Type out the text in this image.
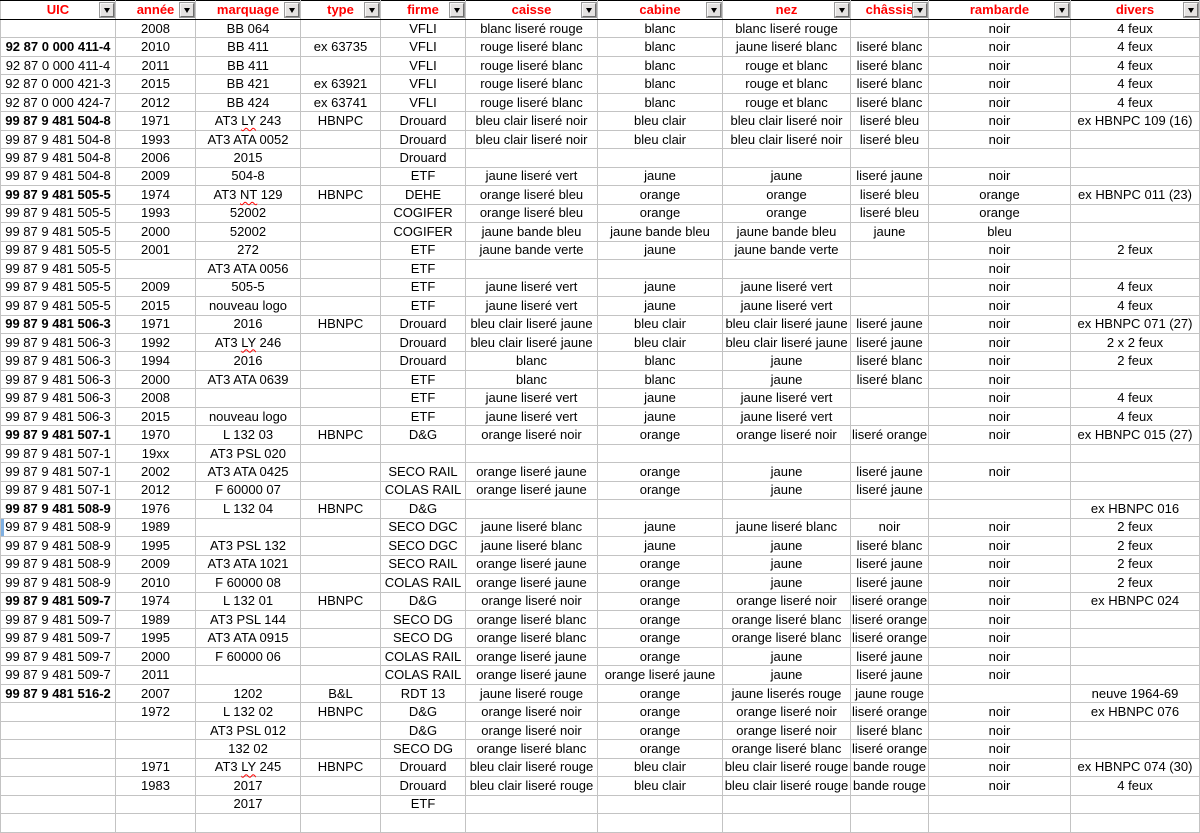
UIC	année	marquage	type	firme	caisse	cabine	nez	châssis	rambarde	divers

	2008	BB 064		VFLI	blanc liseré rouge	blanc	blanc liseré rouge		noir	4 feux
92 87 0 000 411-4	2010	BB 411	ex 63735	VFLI	rouge liseré blanc	blanc	jaune liseré blanc	liseré blanc	noir	4 feux
92 87 0 000 411-4	2011	BB 411		VFLI	rouge liseré blanc	blanc	rouge et blanc	liseré blanc	noir	4 feux
92 87 0 000 421-3	2015	BB 421	ex 63921	VFLI	rouge liseré blanc	blanc	rouge et blanc	liseré blanc	noir	4 feux
92 87 0 000 424-7	2012	BB 424	ex 63741	VFLI	rouge liseré blanc	blanc	rouge et blanc	liseré blanc	noir	4 feux
99 87 9 481 504-8	1971	AT3 LY 243	HBNPC	Drouard	bleu clair liseré noir	bleu clair	bleu clair liseré noir	liseré bleu	noir	ex HBNPC 109 (16)
99 87 9 481 504-8	1993	AT3 ATA 0052		Drouard	bleu clair liseré noir	bleu clair	bleu clair liseré noir	liseré bleu	noir	
99 87 9 481 504-8	2006	2015		Drouard						
99 87 9 481 504-8	2009	504-8		ETF	jaune liseré vert	jaune	jaune	liseré jaune	noir	
99 87 9 481 505-5	1974	AT3 NT 129	HBNPC	DEHE	orange liseré bleu	orange	orange	liseré bleu	orange	ex HBNPC 011 (23)
99 87 9 481 505-5	1993	52002		COGIFER	orange liseré bleu	orange	orange	liseré bleu	orange	
99 87 9 481 505-5	2000	52002		COGIFER	jaune bande bleu	jaune bande bleu	jaune bande bleu	jaune	bleu	
99 87 9 481 505-5	2001	272		ETF	jaune bande verte	jaune	jaune bande verte		noir	2 feux
99 87 9 481 505-5		AT3 ATA 0056		ETF					noir	
99 87 9 481 505-5	2009	505-5		ETF	jaune liseré vert	jaune	jaune liseré vert		noir	4 feux
99 87 9 481 505-5	2015	nouveau logo		ETF	jaune liseré vert	jaune	jaune liseré vert		noir	4 feux
99 87 9 481 506-3	1971	2016	HBNPC	Drouard	bleu clair liseré jaune	bleu clair	bleu clair liseré jaune	liseré jaune	noir	ex HBNPC 071 (27)
99 87 9 481 506-3	1992	AT3 LY 246		Drouard	bleu clair liseré jaune	bleu clair	bleu clair liseré jaune	liseré jaune	noir	2 x 2 feux
99 87 9 481 506-3	1994	2016		Drouard	blanc	blanc	jaune	liseré blanc	noir	2 feux
99 87 9 481 506-3	2000	AT3 ATA 0639		ETF	blanc	blanc	jaune	liseré blanc	noir	
99 87 9 481 506-3	2008			ETF	jaune liseré vert	jaune	jaune liseré vert		noir	4 feux
99 87 9 481 506-3	2015	nouveau logo		ETF	jaune liseré vert	jaune	jaune liseré vert		noir	4 feux
99 87 9 481 507-1	1970	L 132 03	HBNPC	D&G	orange liseré noir	orange	orange liseré noir	liseré orange	noir	ex HBNPC 015 (27)
99 87 9 481 507-1	19xx	AT3 PSL 020								
99 87 9 481 507-1	2002	AT3 ATA 0425		SECO RAIL	orange liseré jaune	orange	jaune	liseré jaune	noir	
99 87 9 481 507-1	2012	F 60000 07		COLAS RAIL	orange liseré jaune	orange	jaune	liseré jaune		
99 87 9 481 508-9	1976	L 132 04	HBNPC	D&G						ex HBNPC 016
99 87 9 481 508-9	1989			SECO DGC	jaune liseré blanc	jaune	jaune liseré blanc	noir	noir	2 feux
99 87 9 481 508-9	1995	AT3 PSL 132		SECO DGC	jaune liseré blanc	jaune	jaune	liseré blanc	noir	2 feux
99 87 9 481 508-9	2009	AT3 ATA 1021		SECO RAIL	orange liseré jaune	orange	jaune	liseré jaune	noir	2 feux
99 87 9 481 508-9	2010	F 60000 08		COLAS RAIL	orange liseré jaune	orange	jaune	liseré jaune	noir	2 feux
99 87 9 481 509-7	1974	L 132 01	HBNPC	D&G	orange liseré noir	orange	orange liseré noir	liseré orange	noir	ex HBNPC 024
99 87 9 481 509-7	1989	AT3 PSL 144		SECO DG	orange liseré blanc	orange	orange liseré blanc	liseré orange	noir	
99 87 9 481 509-7	1995	AT3 ATA 0915		SECO DG	orange liseré blanc	orange	orange liseré blanc	liseré orange	noir	
99 87 9 481 509-7	2000	F 60000 06		COLAS RAIL	orange liseré jaune	orange	jaune	liseré jaune	noir	
99 87 9 481 509-7	2011			COLAS RAIL	orange liseré jaune	orange liseré jaune	jaune	liseré jaune	noir	
99 87 9 481 516-2	2007	1202	B&L	RDT 13	jaune liseré rouge	orange	jaune liserés rouge	jaune rouge		neuve 1964-69
	1972	L 132 02	HBNPC	D&G	orange liseré noir	orange	orange liseré noir	liseré orange	noir	ex HBNPC 076
		AT3 PSL 012		D&G	orange liseré noir	orange	orange liseré noir	liseré blanc	noir	
		132 02		SECO DG	orange liseré blanc	orange	orange liseré blanc	liseré orange	noir	
	1971	AT3 LY 245	HBNPC	Drouard	bleu clair liseré rouge	bleu clair	bleu clair liseré rouge	bande rouge	noir	ex HBNPC 074 (30)
	1983	2017		Drouard	bleu clair liseré rouge	bleu clair	bleu clair liseré rouge	bande rouge	noir	4 feux
		2017		ETF						
